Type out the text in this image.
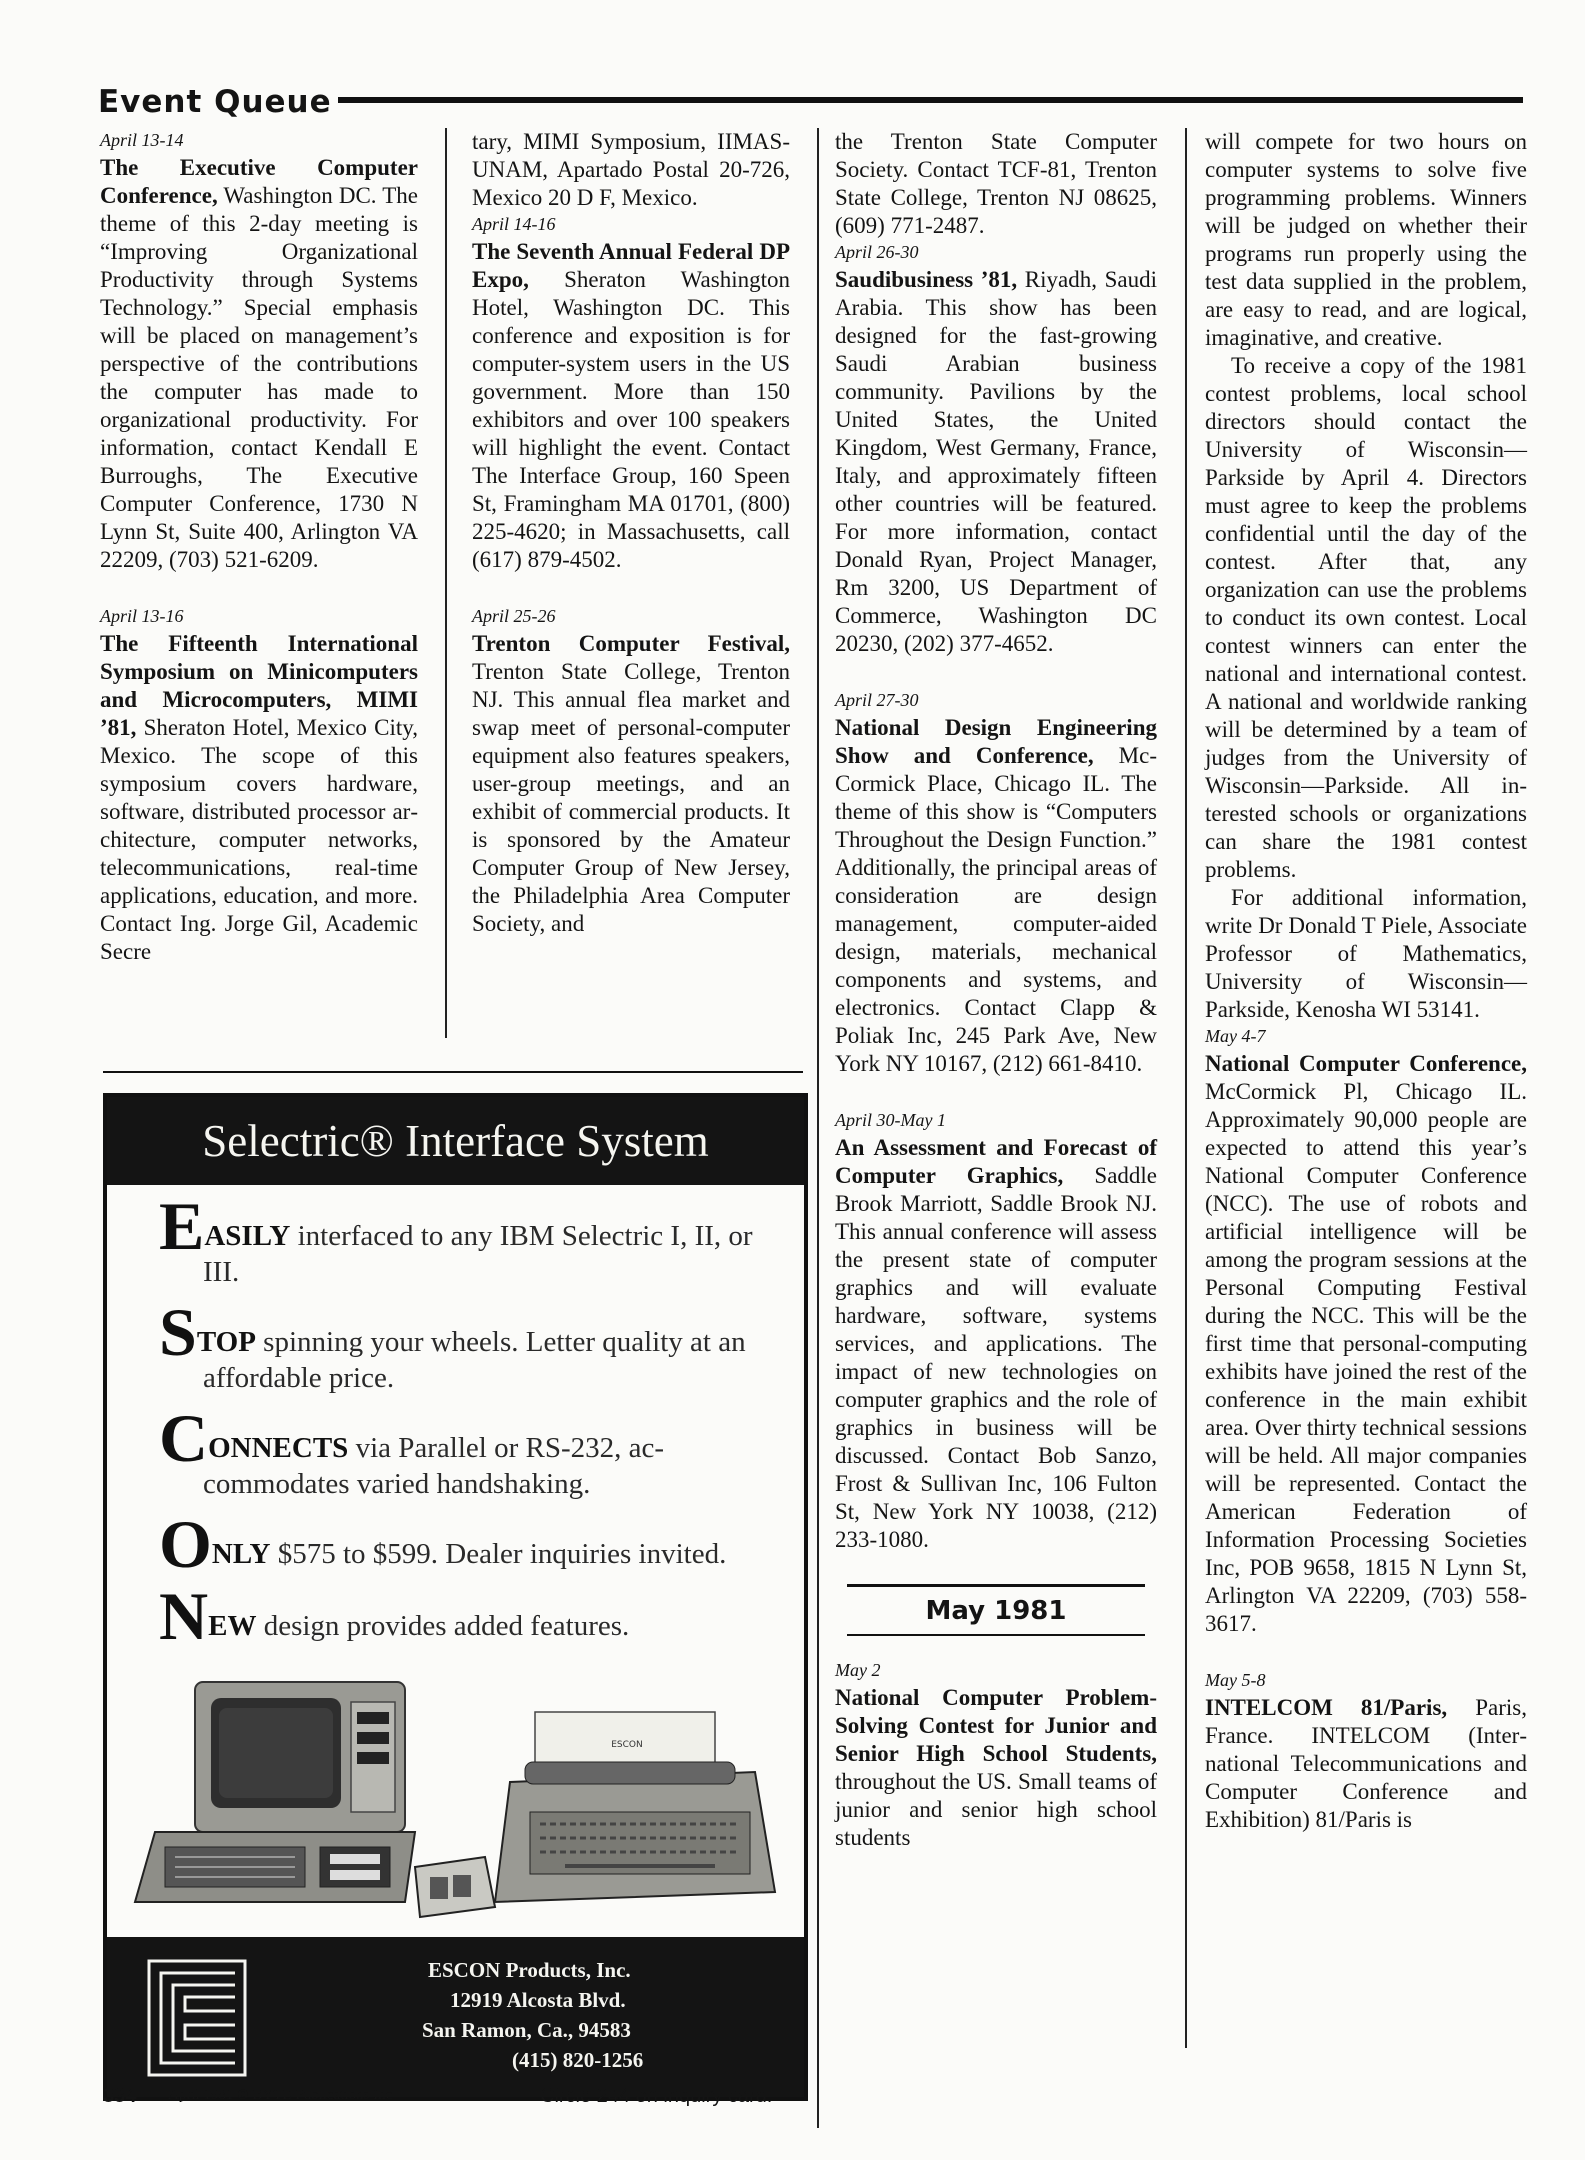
Event Queue
April 13-14

The Executive Computer Conference, Washington DC. The theme of this 2-day meeting is “Improving Organizational Productivity through Systems Technology.” Special emphasis will be placed on management’s perspective of the contributions the computer has made to organizational productivity. For information, contact Kendall E Burroughs, The Executive Computer Conference, 1730 N Lynn St, Suite 400, Arlington VA 22209, (703) 521-6209.

April 13-16

The Fifteenth International Symposium on Minicomputers and Microcomputers, MIMI ’81, Sheraton Hotel, Mexico City, Mexico. The scope of this symposium covers hardware, software, distributed processor architecture, computer networks, telecommunications, real-time applications, education, and more. Contact Ing. Jorge Gil, Academic Secre

tary, MIMI Symposium, IIMAS-UNAM, Apartado Postal 20-726, Mexico 20 D F, Mexico.

April 14-16

The Seventh Annual Federal DP Expo, Sheraton Washington Hotel, Washington DC. This conference and exposition is for computer-system users in the US government. More than 150 exhibitors and over 100 speakers will highlight the event. Contact The Interface Group, 160 Speen St, Framingham MA 01701, (800) 225-4620; in Massachusetts, call (617) 879-4502.

April 25-26

Trenton Computer Festival, Trenton State College, Trenton NJ. This annual flea market and swap meet of personal-computer equipment also features speakers, user-group meetings, and an exhibit of commercial products. It is sponsored by the Amateur Computer Group of New Jersey, the Philadelphia Area Computer Society, and

the Trenton State Computer Society. Contact TCF-81, Trenton State College, Trenton NJ 08625, (609) 771-2487.

April 26-30

Saudibusiness ’81, Riyadh, Saudi Arabia. This show has been designed for the fast-growing Saudi Arabian business community. Pavilions by the United States, the United Kingdom, West Germany, France, Italy, and approximately fifteen other countries will be featured. For more information, contact Donald Ryan, Project Manager, Rm 3200, US Department of Commerce, Washington DC 20230, (202) 377-4652.

April 27-30

National Design Engineering Show and Conference, McCormick Place, Chicago IL. The theme of this show is “Computers Throughout the Design Function.” Additionally, the principal areas of consideration are design management, computer-aided design, materials, mechanical components and systems, and electronics. Contact Clapp & Poliak Inc, 245 Park Ave, New York NY 10167, (212) 661-8410.

April 30-May 1

An Assessment and Forecast of Computer Graphics, Saddle Brook Marriott, Saddle Brook NJ. This annual conference will assess the present state of computer graphics and will evaluate hardware, software, systems services, and applications. The impact of new technologies on computer graphics and the role of graphics in business will be discussed. Contact Bob Sanzo, Frost & Sullivan Inc, 106 Fulton St, New York NY 10038, (212) 233-1080.

May 1981
May 2

National Computer Problem-Solving Contest for Junior and Senior High School Students, throughout the US. Small teams of junior and senior high school students

will compete for two hours on computer systems to solve five programming problems. Winners will be judged on whether their programs run properly using the test data supplied in the problem, are easy to read, and are logical, imaginative, and creative.

To receive a copy of the 1981 contest problems, local school directors should contact the University of Wisconsin—Parkside by April 4. Directors must agree to keep the problems confidential until the day of the contest. After that, any organization can use the problems to conduct its own contest. Local contest winners can enter the national and international contest. A national and worldwide ranking will be determined by a team of judges from the University of Wisconsin—Parkside. All interested schools or organizations can share the 1981 contest problems.

For additional information, write Dr Donald T Piele, Associate Professor of Mathematics, University of Wisconsin—Parkside, Kenosha WI 53141.

May 4-7

National Computer Conference, McCormick Pl, Chicago IL. Approximately 90,000 people are expected to attend this year’s National Computer Conference (NCC). The use of robots and artificial intelligence will be among the program sessions at the Personal Computing Festival during the NCC. This will be the first time that personal-computing exhibits have joined the rest of the conference in the main exhibit area. Over thirty technical sessions will be held. All major companies will be represented. Contact the American Federation of Information Processing Societies Inc, POB 9658, 1815 N Lynn St, Arlington VA 22209, (703) 558-3617.

May 5-8

INTELCOM 81/Paris, Paris, France. INTELCOM (International Telecommunications and Computer Conference and Exhibition) 81/Paris is

Selectric® Interface System
EASILY interfaced to any IBM Selectric I, II, or III.
STOP spinning your wheels. Letter quality at an affordable price.
CONNECTS via Parallel or RS-232, accommodates varied handshaking.
ONLY $575 to $599. Dealer inquiries invited.
NEW design provides added features.
ESCON
ESCON Products, Inc.
12919 Alcosta Blvd.
San Ramon, Ca., 94583
(415) 820-1256
334 April 1981 © BYTE Publications Inc	Circle 244 on inquiry card.
